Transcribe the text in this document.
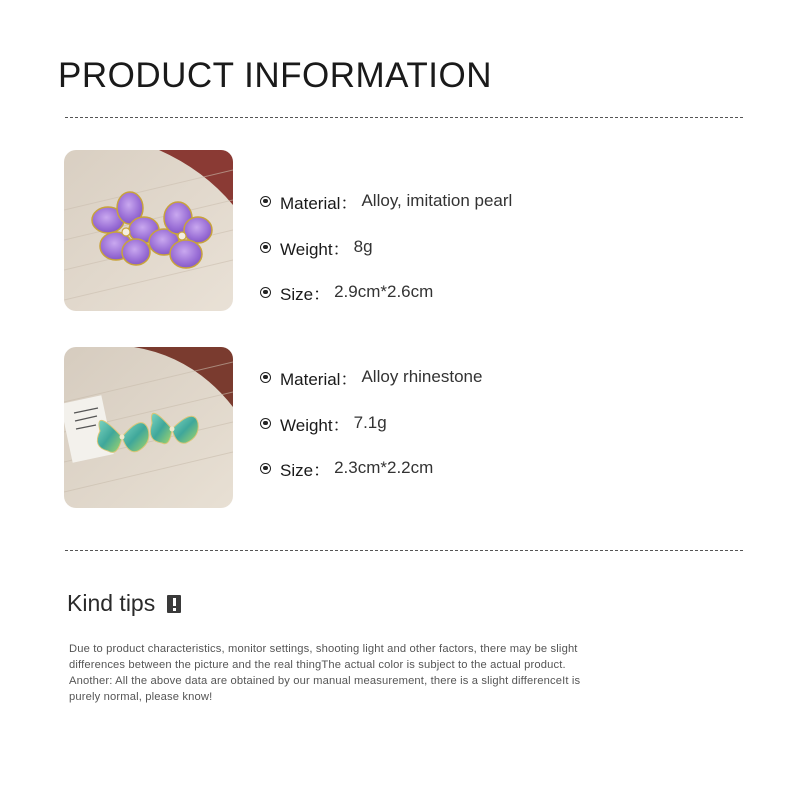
PRODUCT INFORMATION
Material： Alloy, imitation pearl
Weight： 8g
Size： 2.9cm*2.6cm
Material： Alloy rhinestone
Weight： 7.1g
Size： 2.3cm*2.2cm
Kind tips
Due to product characteristics, monitor settings, shooting light and other factors, there may be slight
differences between the picture and the real thingThe actual color is subject to the actual product.
Another: All the above data are obtained by our manual measurement, there is a slight differenceIt is
purely normal, please know!
